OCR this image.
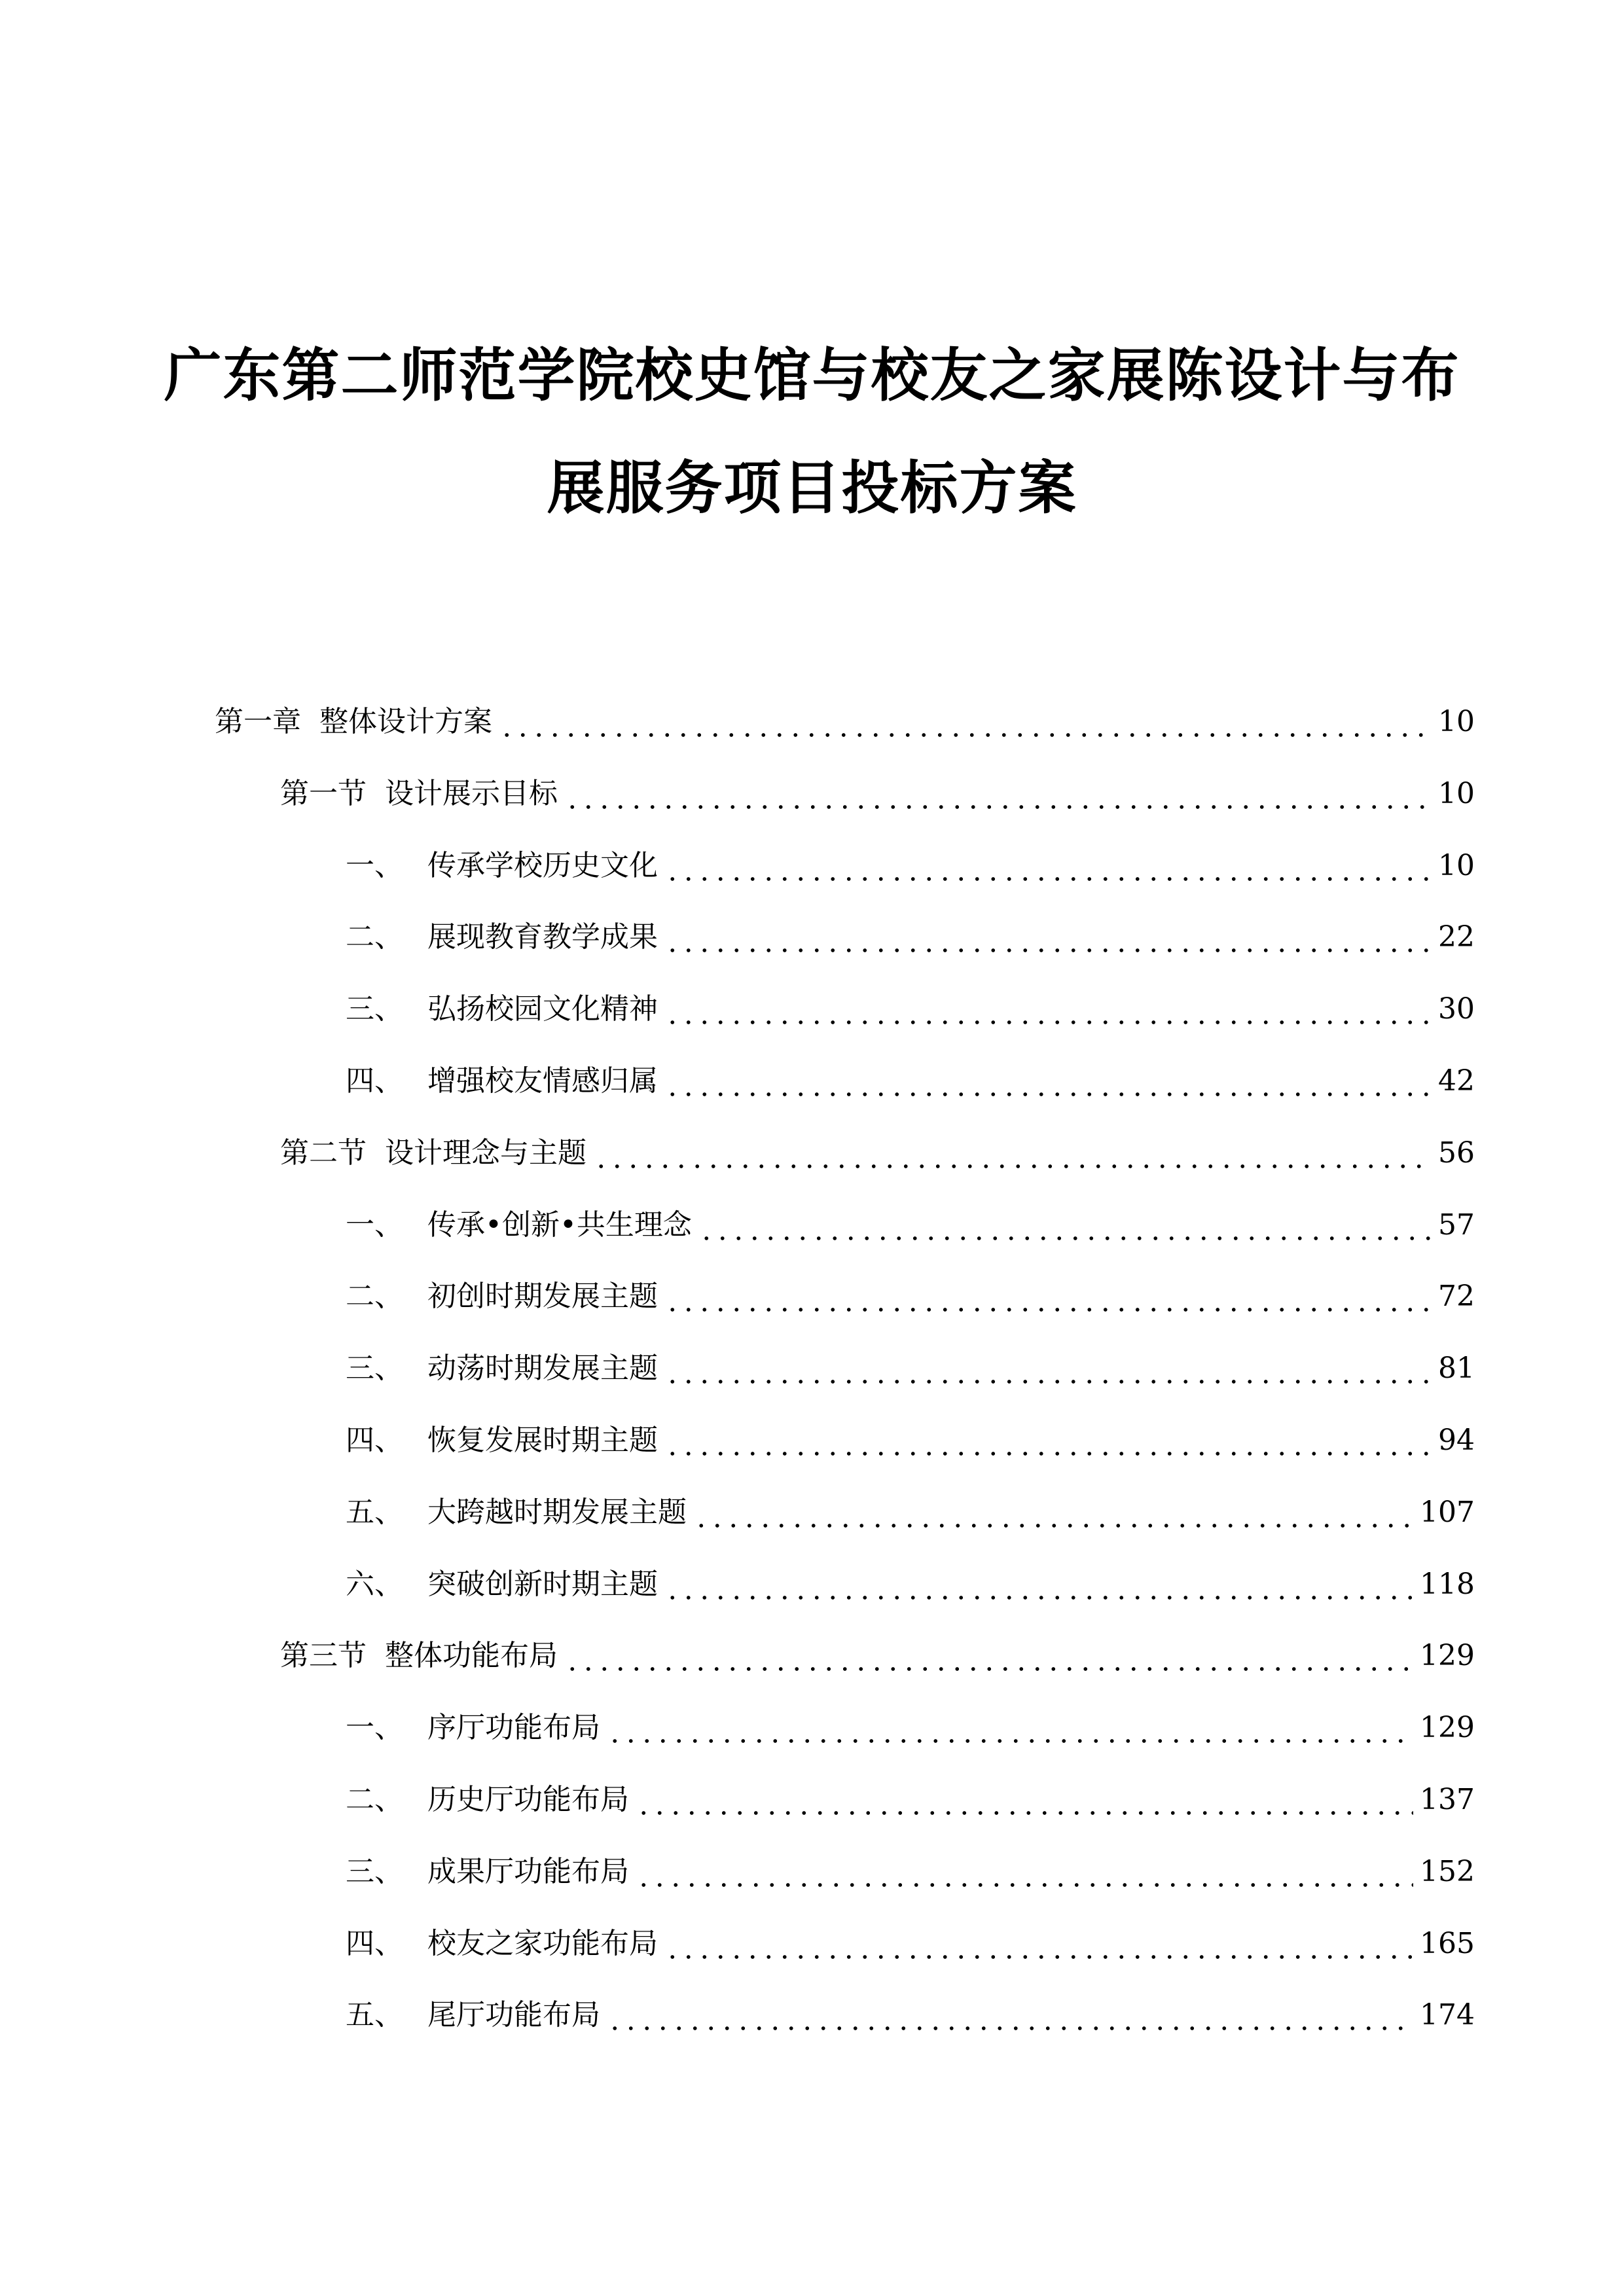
广东第二师范学院校史馆与校友之家展陈设计与布
展服务项目投标方案
第一章  整体设计方案	10
第一节  设计展示目标	10
一、 传承学校历史文化	10
二、 展现教育教学成果	22
三、 弘扬校园文化精神	30
四、 增强校友情感归属	42
第二节  设计理念与主题	56
一、 传承•创新•共生理念	57
二、 初创时期发展主题	72
三、 动荡时期发展主题	81
四、 恢复发展时期主题	94
五、 大跨越时期发展主题	107
六、 突破创新时期主题	118
第三节  整体功能布局	129
一、 序厅功能布局	129
二、 历史厅功能布局	137
三、 成果厅功能布局	152
四、 校友之家功能布局	165
五、 尾厅功能布局	174
